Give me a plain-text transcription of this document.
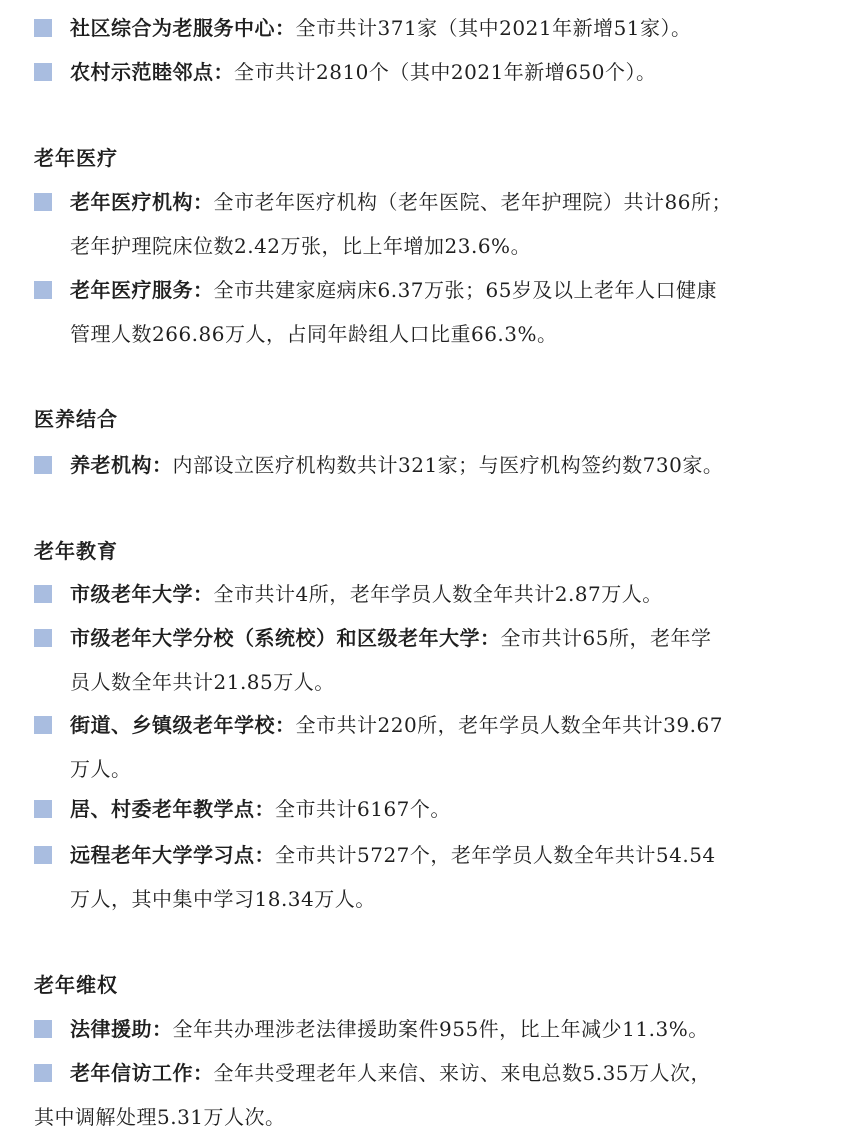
社区综合为老服务中心：全市共计371家（其中2021年新增51家）。
农村示范睦邻点：全市共计2810个（其中2021年新增650个）。
老年医疗
老年医疗机构：全市老年医疗机构（老年医院、老年护理院）共计86所；
老年护理院床位数2.42万张，比上年增加23.6%。
老年医疗服务：全市共建家庭病床6.37万张；65岁及以上老年人口健康
管理人数266.86万人，占同年龄组人口比重66.3%。
医养结合
养老机构：内部设立医疗机构数共计321家；与医疗机构签约数730家。
老年教育
市级老年大学：全市共计4所，老年学员人数全年共计2.87万人。
市级老年大学分校（系统校）和区级老年大学：全市共计65所，老年学
员人数全年共计21.85万人。
街道、乡镇级老年学校：全市共计220所，老年学员人数全年共计39.67
万人。
居、村委老年教学点：全市共计6167个。
远程老年大学学习点：全市共计5727个，老年学员人数全年共计54.54
万人，其中集中学习18.34万人。
老年维权
法律援助：全年共办理涉老法律援助案件955件，比上年减少11.3%。
老年信访工作：全年共受理老年人来信、来访、来电总数5.35万人次，
其中调解处理5.31万人次。
